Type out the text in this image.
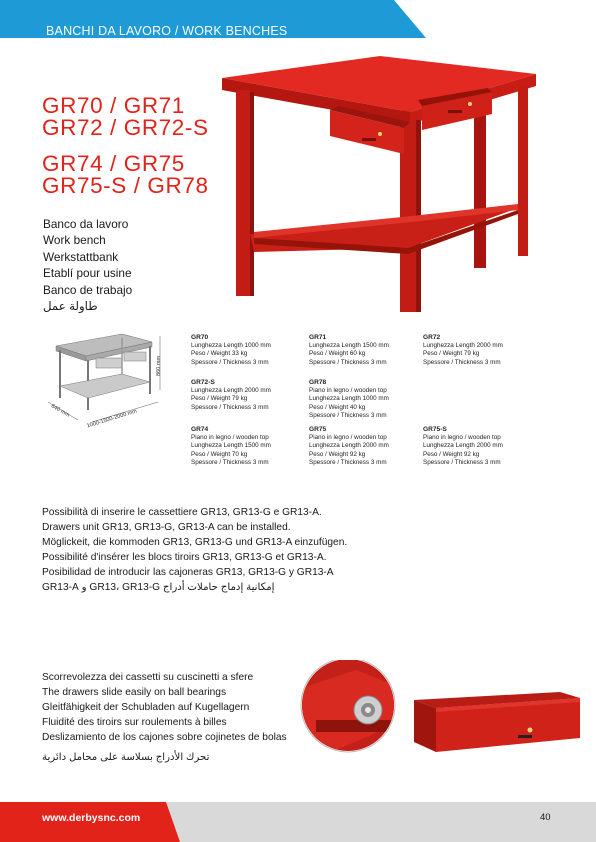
BANCHI DA LAVORO / WORK BENCHES
GR70 / GR71
GR72 / GR72-S
GR74 / GR75
GR75-S / GR78
Banco da lavoro
Work bench
Werkstattbank
Etablí pour usine
Banco de trabajo
طاولة عمل
860 mm
640 mm	1000-1500-2000 mm
GR70
Lunghezza Length 1000 mm
Peso / Weight 33 kg
Spessore / Thickness 3 mm
GR71
Lunghezza Length 1500 mm
Peso / Weight 60 kg
Spessore / Thickness 3 mm
GR72
Lunghezza Length 2000 mm
Peso / Weight 79 kg
Spessore / Thickness 3 mm
GR72-S
Lunghezza Length 2000 mm
Peso / Weight 79 kg
Spessore / Thickness 3 mm
GR78
Piano in legno / wooden top
Lunghezza Length 1000 mm
Peso / Weight 40 kg
Spessore / Thickness 3 mm
GR74
Piano in legno / wooden top
Lunghezza Length 1500 mm
Peso / Weight 70 kg
Spessore / Thickness 3 mm
GR75
Piano in legno / wooden top
Lunghezza Length 2000 mm
Peso / Weight 92 kg
Spessore / Thickness 3 mm
GR75-S
Piano in legno / wooden top
Lunghezza Length 2000 mm
Peso / Weight 92 kg
Spessore / Thickness 3 mm
Possibilità di inserire le cassettiere GR13, GR13-G e GR13-A.
Drawers unit GR13, GR13-G, GR13-A can be installed.
Möglickeit, die kommoden GR13, GR13-G und GR13-A einzufügen.
Possibilité d'insérer les blocs tiroirs GR13, GR13-G et GR13-A.
Posibilidad de introducir las cajoneras GR13, GR13-G y GR13-A
إمكانية إدماج حاملات أدراج GR13، GR13-G و GR13-A
Scorrevolezza dei cassetti su cuscinetti a sfere
The drawers slide easily on ball bearings
Gleitfähigkeit der Schubladen auf Kugellagern
Fluidité des tiroirs sur roulements à billes
Deslizamiento de los cajones sobre cojinetes de bolas
تحرك الأدراج بسلاسة على محامل دائرية
www.derbysnc.com	40
